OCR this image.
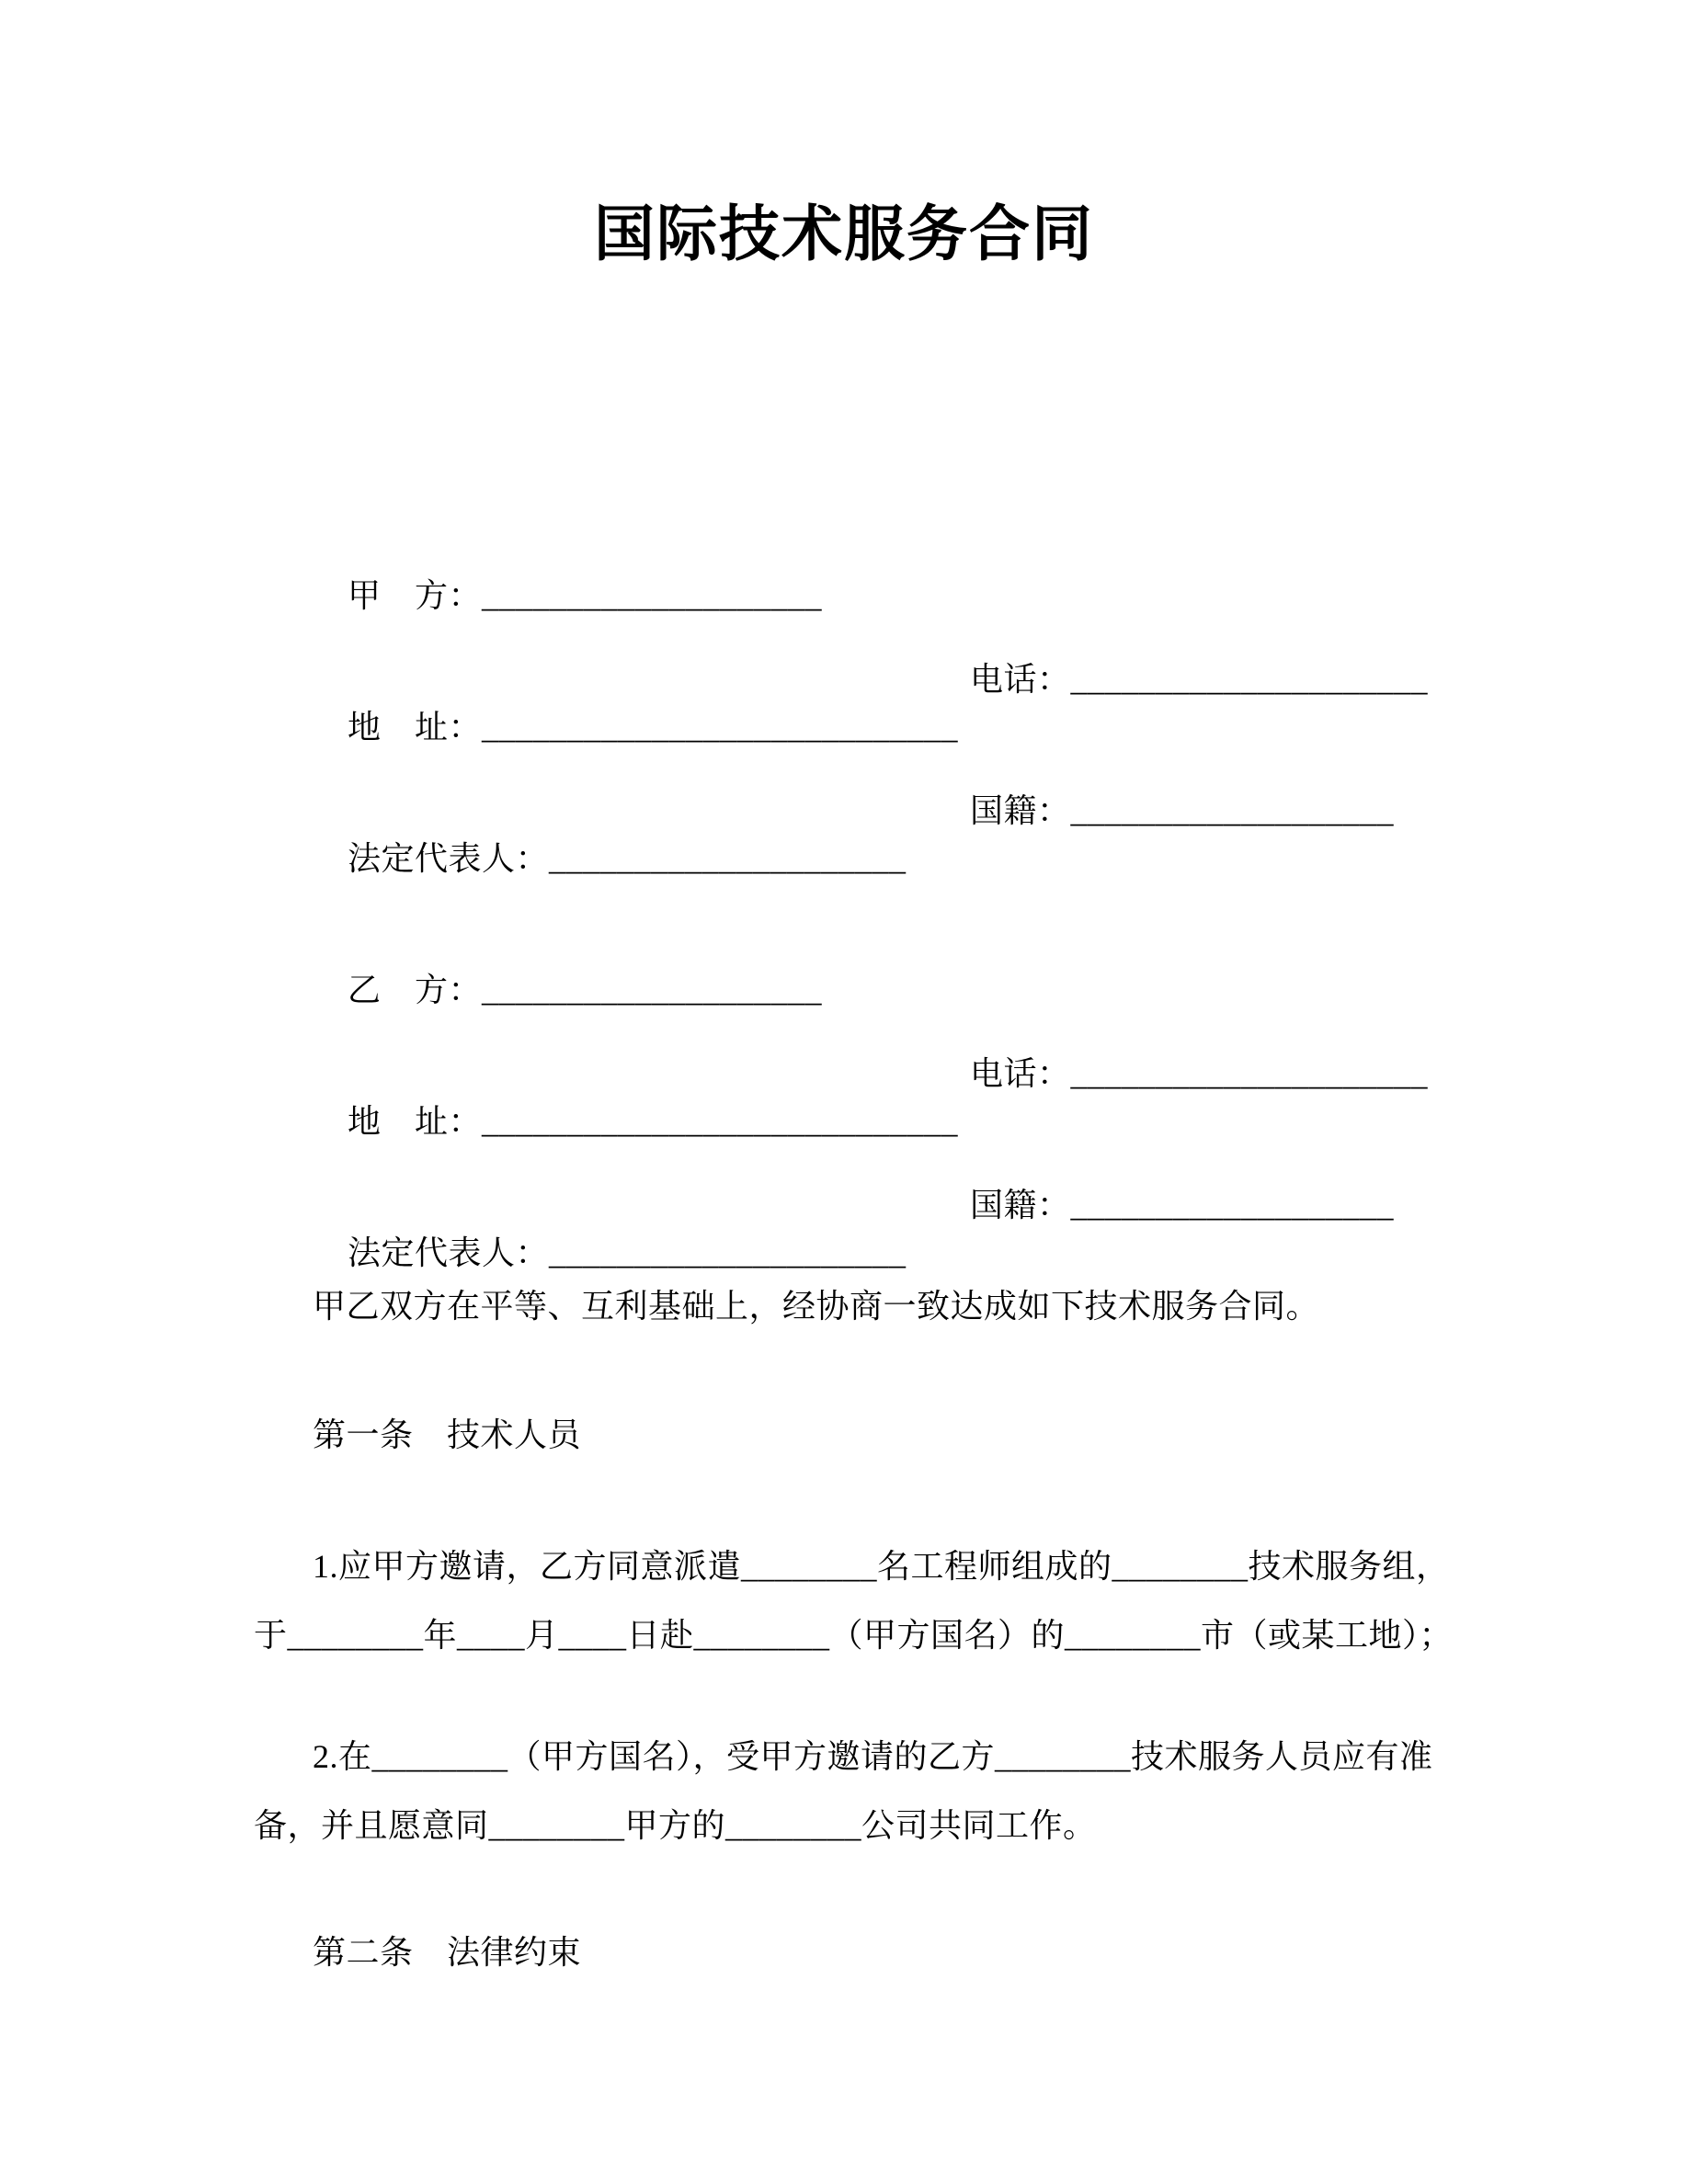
国际技术服务合同

甲　方：____________________

地　址：____________________________

电话：_____________________

法定代表人：_____________________

国籍：___________________

乙　方：____________________

地　址：____________________________

电话：_____________________

法定代表人：_____________________

国籍：___________________

甲乙双方在平等、互利基础上，经协商一致达成如下技术服务合同。
第一条　技术人员
1.应甲方邀请，乙方同意派遣________名工程师组成的________技术服务组，
于________年____月____日赴________（甲方国名）的________市（或某工地）；
2.在________（甲方国名），受甲方邀请的乙方________技术服务人员应有准
备，并且愿意同________甲方的________公司共同工作。
第二条　法律约束
